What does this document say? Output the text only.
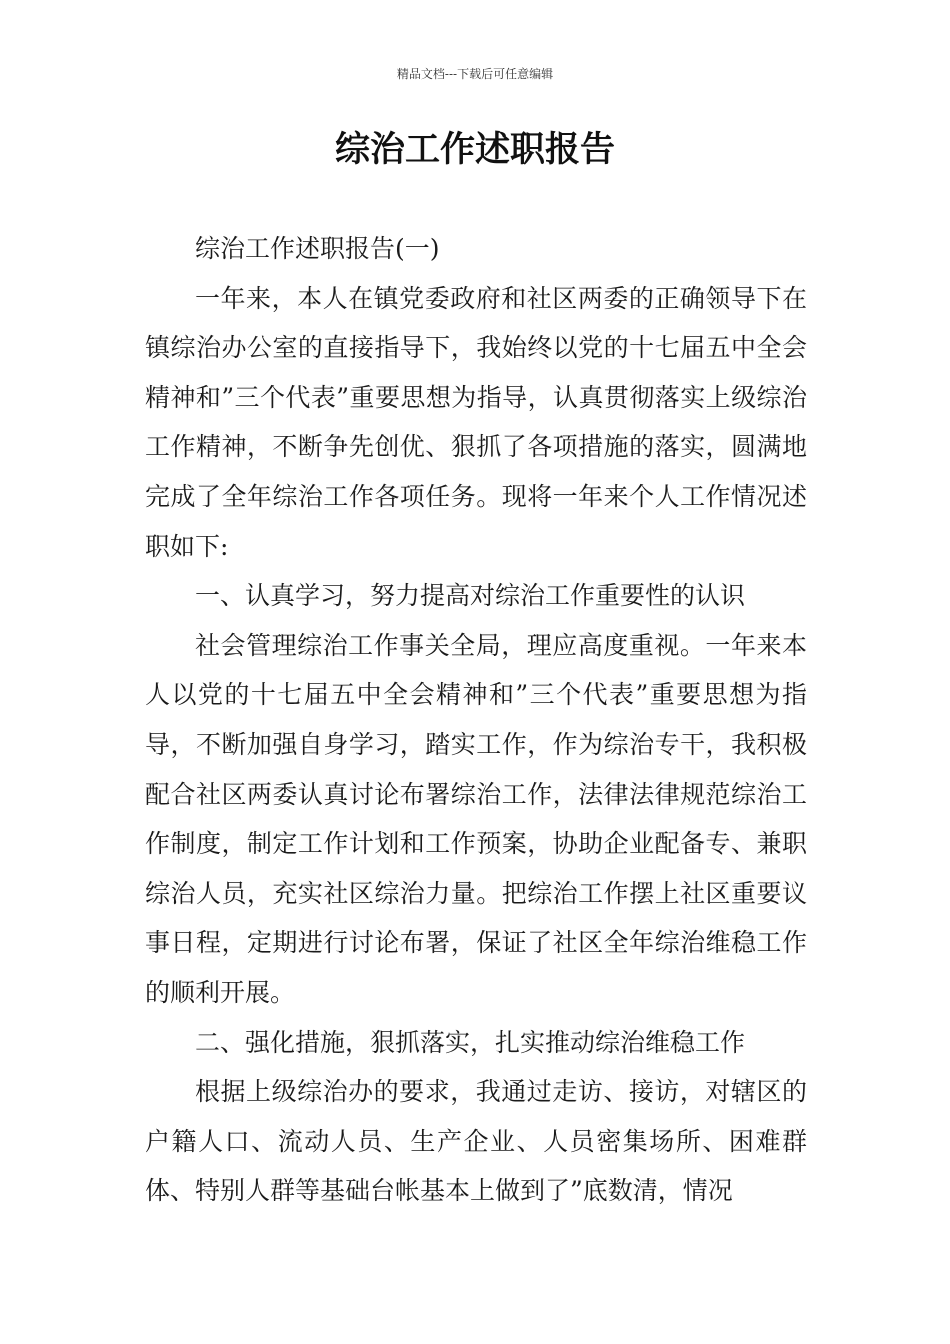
精品文档---下载后可任意编辑
综治工作述职报告

综治工作述职报告(一)

一年来，本人在镇党委政府和社区两委的正确领导下在镇综治办公室的直接指导下，我始终以党的十七届五中全会精神和”三个代表”重要思想为指导，认真贯彻落实上级综治工作精神，不断争先创优、狠抓了各项措施的落实，圆满地完成了全年综治工作各项任务。现将一年来个人工作情况述职如下:

一、认真学习，努力提高对综治工作重要性的认识

社会管理综治工作事关全局，理应高度重视。一年来本人以党的十七届五中全会精神和”三个代表”重要思想为指导，不断加强自身学习，踏实工作，作为综治专干，我积极配合社区两委认真讨论布署综治工作，法律法律规范综治工作制度，制定工作计划和工作预案，协助企业配备专、兼职综治人员，充实社区综治力量。把综治工作摆上社区重要议事日程，定期进行讨论布署，保证了社区全年综治维稳工作的顺利开展。

二、强化措施，狠抓落实，扎实推动综治维稳工作

根据上级综治办的要求，我通过走访、接访，对辖区的户籍人口、流动人员、生产企业、人员密集场所、困难群体、特别人群等基础台帐基本上做到了”底数清，情况
